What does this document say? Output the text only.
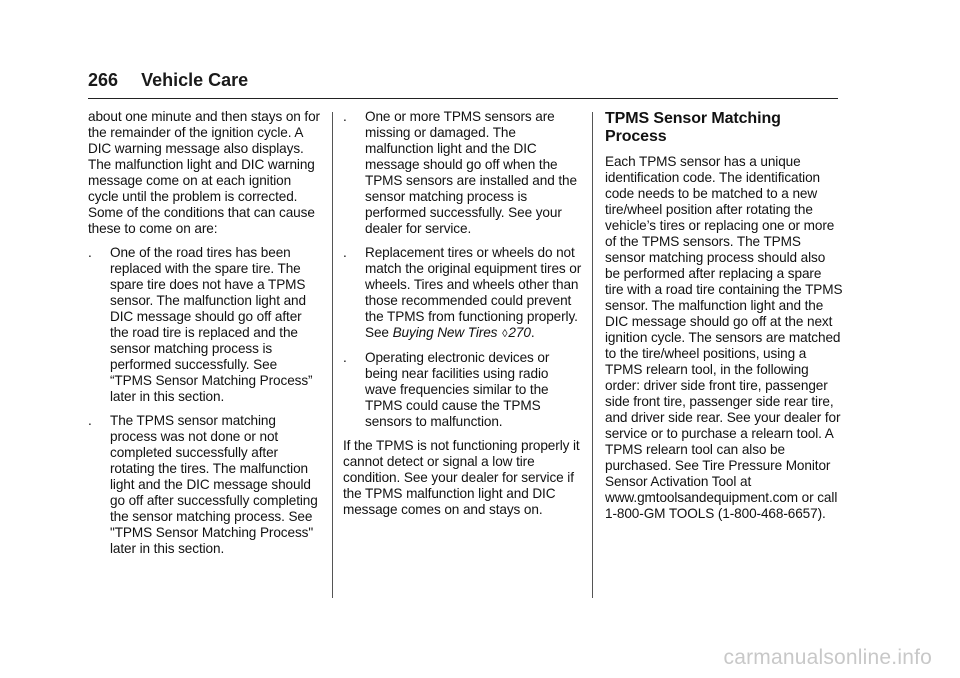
266 Vehicle Care

about one minute and then stays on for the remainder of the ignition cycle. A DIC warning message also displays. The malfunction light and DIC warning message come on at each ignition cycle until the problem is corrected. Some of the conditions that can cause these to come on are:

.	One of the road tires has been replaced with the spare tire. The spare tire does not have a TPMS sensor. The malfunction light and DIC message should go off after the road tire is replaced and the sensor matching process is performed successfully. See “TPMS Sensor Matching Process” later in this section.
.	The TPMS sensor matching process was not done or not completed successfully after rotating the tires. The malfunction light and the DIC message should go off after successfully completing the sensor matching process. See "TPMS Sensor Matching Process" later in this section.
.	One or more TPMS sensors are missing or damaged. The malfunction light and the DIC message should go off when the TPMS sensors are installed and the sensor matching process is performed successfully. See your dealer for service.
.	Replacement tires or wheels do not match the original equipment tires or wheels. Tires and wheels other than those recommended could prevent the TPMS from functioning properly. See Buying New Tires ◊270.
.	Operating electronic devices or being near facilities using radio wave frequencies similar to the TPMS could cause the TPMS sensors to malfunction.

If the TPMS is not functioning properly it cannot detect or signal a low tire condition. See your dealer for service if the TPMS malfunction light and DIC message comes on and stays on.

TPMS Sensor Matching Process

Each TPMS sensor has a unique identification code. The identification code needs to be matched to a new tire/wheel position after rotating the vehicle’s tires or replacing one or more of the TPMS sensors. The TPMS sensor matching process should also be performed after replacing a spare tire with a road tire containing the TPMS sensor. The malfunction light and the DIC message should go off at the next ignition cycle. The sensors are matched to the tire/wheel positions, using a TPMS relearn tool, in the following order: driver side front tire, passenger side front tire, passenger side rear tire, and driver side rear. See your dealer for service or to purchase a relearn tool. A TPMS relearn tool can also be purchased. See Tire Pressure Monitor Sensor Activation Tool at www.gmtoolsandequipment.com or call 1-800-GM TOOLS (1-800-468-6657).

carmanualsonline.info
